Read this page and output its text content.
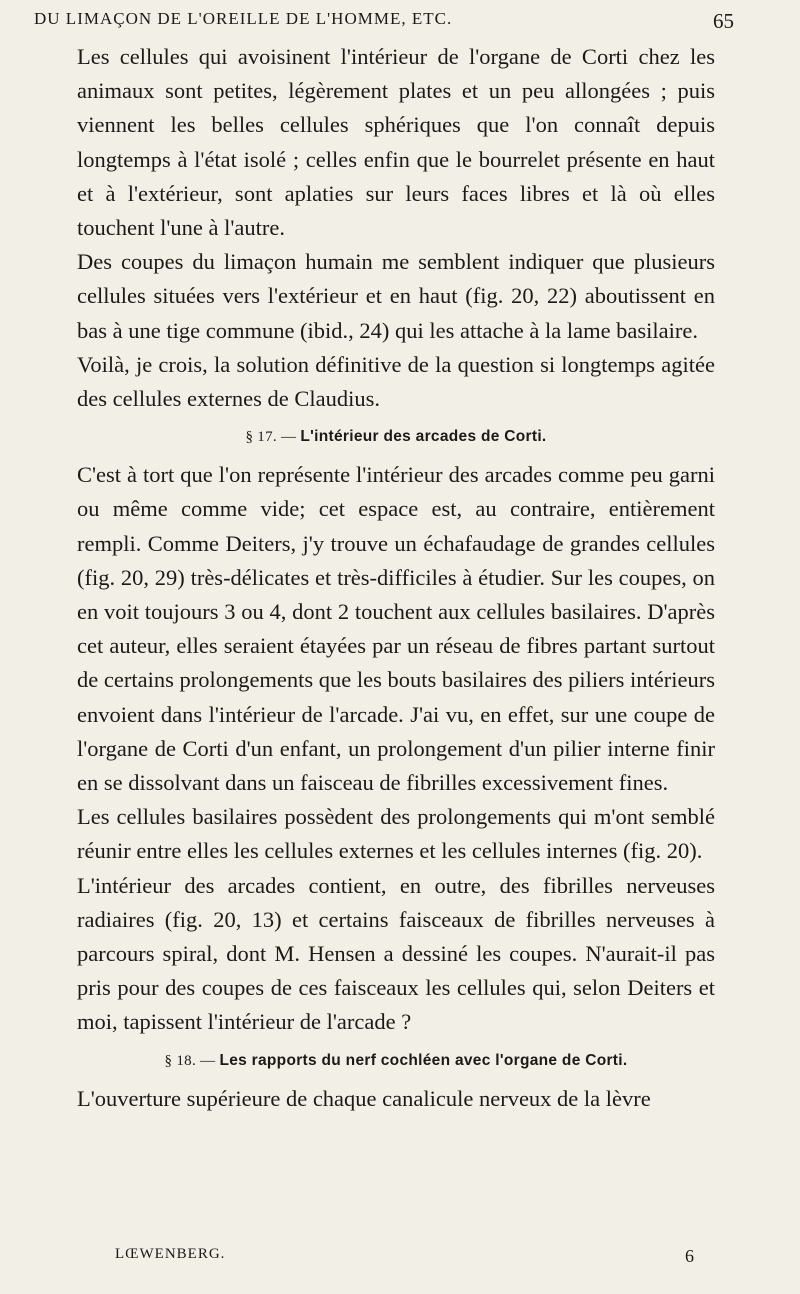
DU LIMAÇON DE L'OREILLE DE L'HOMME, ETC.	65

Les cellules qui avoisinent l'intérieur de l'organe de Corti chez les animaux sont petites, légèrement plates et un peu allongées ; puis viennent les belles cellules sphériques que l'on connaît depuis longtemps à l'état isolé ; celles enfin que le bourrelet présente en haut et à l'extérieur, sont aplaties sur leurs faces libres et là où elles touchent l'une à l'autre.

Des coupes du limaçon humain me semblent indiquer que plusieurs cellules situées vers l'extérieur et en haut (fig. 20, 22) aboutissent en bas à une tige commune (ibid., 24) qui les attache à la lame basilaire.

Voilà, je crois, la solution définitive de la question si longtemps agitée des cellules externes de Claudius.

§ 17. — L'intérieur des arcades de Corti.

C'est à tort que l'on représente l'intérieur des arcades comme peu garni ou même comme vide; cet espace est, au contraire, entièrement rempli. Comme Deiters, j'y trouve un échafaudage de grandes cellules (fig. 20, 29) très-délicates et très-difficiles à étudier. Sur les coupes, on en voit toujours 3 ou 4, dont 2 touchent aux cellules basilaires. D'après cet auteur, elles seraient étayées par un réseau de fibres partant surtout de certains prolongements que les bouts basilaires des piliers intérieurs envoient dans l'intérieur de l'arcade. J'ai vu, en effet, sur une coupe de l'organe de Corti d'un enfant, un prolongement d'un pilier interne finir en se dissolvant dans un faisceau de fibrilles excessivement fines.

Les cellules basilaires possèdent des prolongements qui m'ont semblé réunir entre elles les cellules externes et les cellules internes (fig. 20).

L'intérieur des arcades contient, en outre, des fibrilles nerveuses radiaires (fig. 20, 13) et certains faisceaux de fibrilles nerveuses à parcours spiral, dont M. Hensen a dessiné les coupes. N'aurait-il pas pris pour des coupes de ces faisceaux les cellules qui, selon Deiters et moi, tapissent l'intérieur de l'arcade ?

§ 18. — Les rapports du nerf cochléen avec l'organe de Corti.

L'ouverture supérieure de chaque canalicule nerveux de la lèvre

LŒWENBERG.	6
